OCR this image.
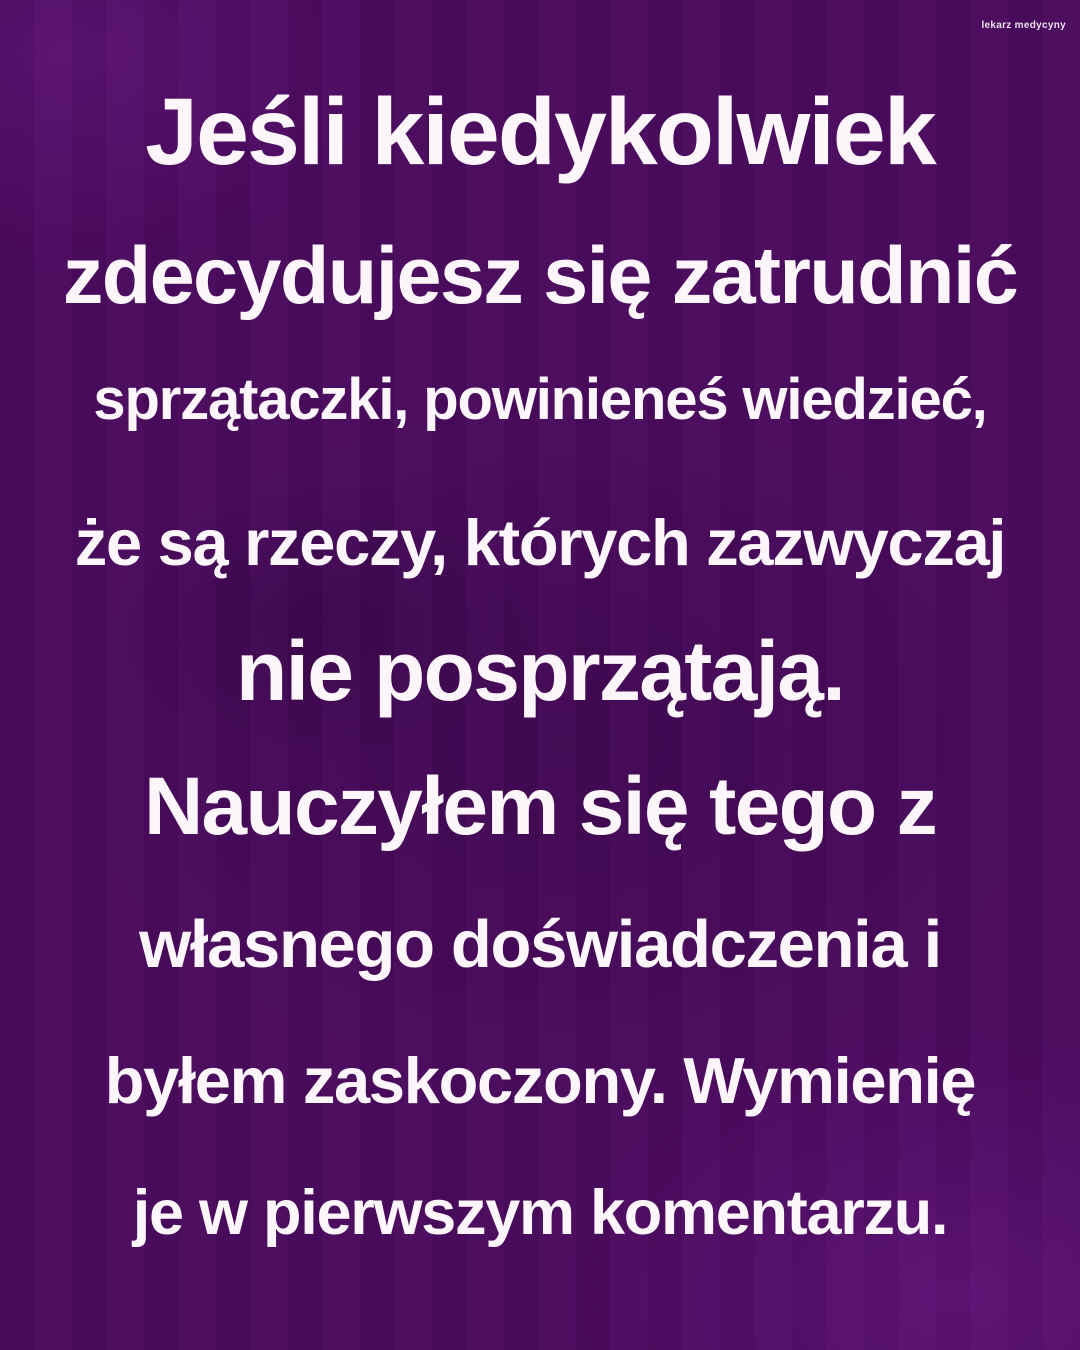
lekarz medycyny
Jeśli kiedykolwiek
zdecydujesz się zatrudnić
sprzątaczki, powinieneś wiedzieć,
że są rzeczy, których zazwyczaj
nie posprzątają.
Nauczyłem się tego z
własnego doświadczenia i
byłem zaskoczony. Wymienię
je w pierwszym komentarzu.
